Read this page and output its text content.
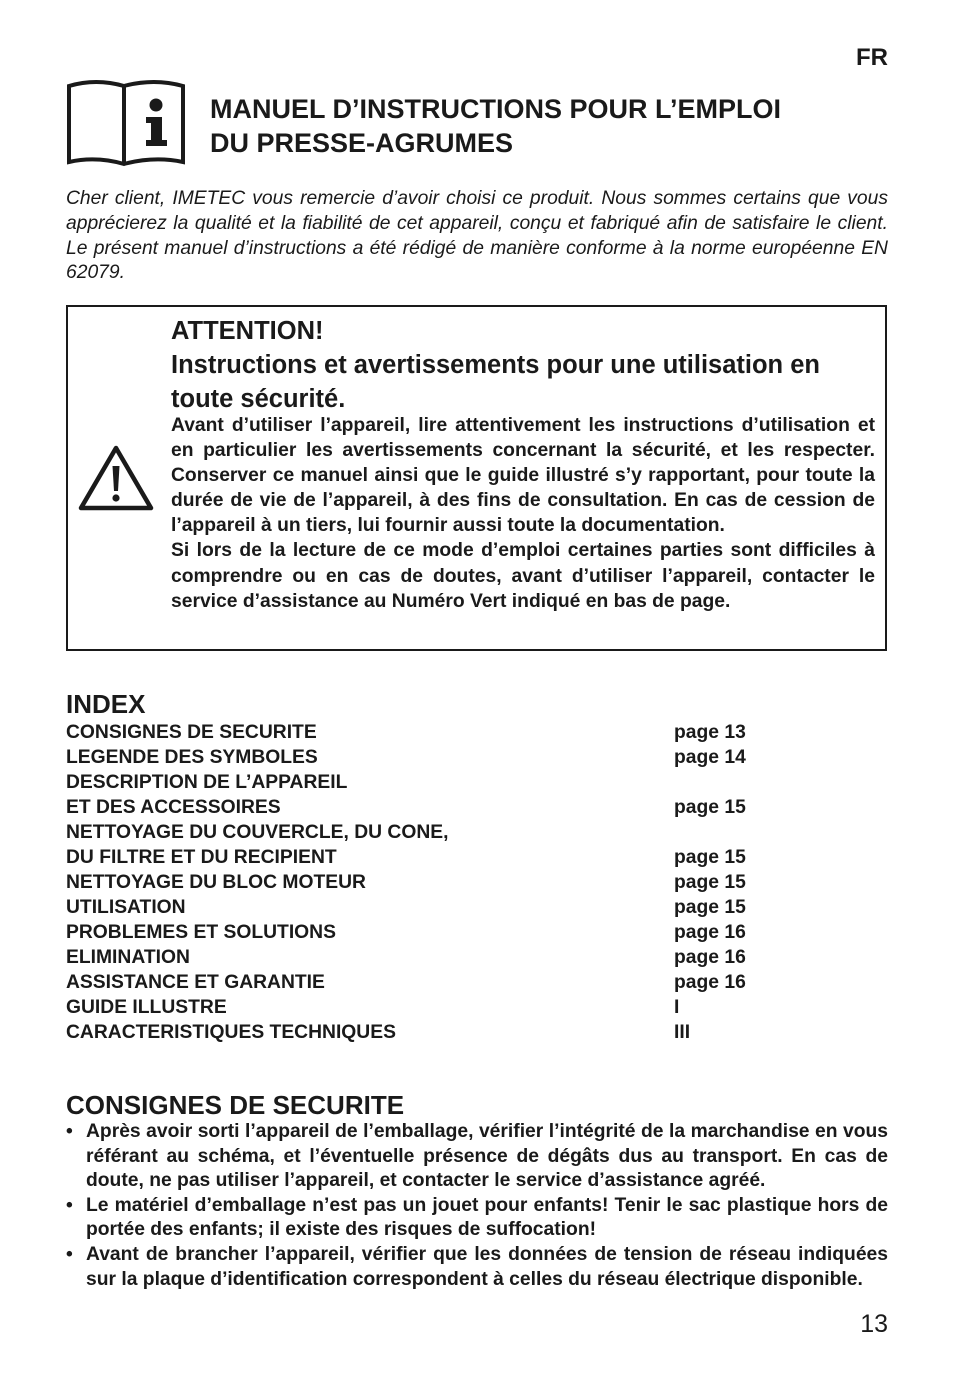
FR
MANUEL D’INSTRUCTIONS POUR L’EMPLOI
DU PRESSE-AGRUMES

Cher client, IMETEC vous remercie d’avoir choisi ce produit. Nous sommes certains que vous apprécierez la qualité et la fiabilité de cet appareil, conçu et fabriqué afin de satisfaire le client. Le présent manuel d’instructions a été rédigé de manière conforme à la norme européenne EN 62079.

ATTENTION!
Instructions et avertissements pour une utilisation en
toute sécurité.

Avant d’utiliser l’appareil, lire attentivement les instructions d’utilisation et en particulier les avertissements concernant la sécurité, et les respecter. Conserver ce manuel ainsi que le guide illustré s’y rapportant, pour toute la durée de vie de l’appareil, à des fins de consultation. En cas de cession de l’appareil à un tiers, lui fournir aussi toute la documentation.

Si lors de la lecture de ce mode d’emploi certaines parties sont difficiles à comprendre ou en cas de doutes, avant d’utiliser l’appareil, contacter le service d’assistance au Numéro Vert indiqué en bas de page.

INDEX
CONSIGNES DE SECURITE	page 13
LEGENDE DES SYMBOLES	page 14
DESCRIPTION DE L’APPAREIL
ET DES ACCESSOIRES	page 15
NETTOYAGE DU COUVERCLE, DU CONE,
DU FILTRE ET DU RECIPIENT	page 15
NETTOYAGE DU BLOC MOTEUR	page 15
UTILISATION	page 15
PROBLEMES ET SOLUTIONS	page 16
ELIMINATION	page 16
ASSISTANCE ET GARANTIE	page 16
GUIDE ILLUSTRE	I
CARACTERISTIQUES TECHNIQUES	III
CONSIGNES DE SECURITE
• Après avoir sorti l’appareil de l’emballage, vérifier l’intégrité de la marchandise en vous référant au schéma, et l’éventuelle présence de dégâts dus au transport. En cas de doute, ne pas utiliser l’appareil, et contacter le service d’assistance agréé.
• Le matériel d’emballage n’est pas un jouet pour enfants! Tenir le sac plastique hors de portée des enfants; il existe des risques de suffocation!
• Avant de brancher l’appareil, vérifier que les données de tension de réseau indiquées sur la plaque d’identification correspondent à celles du réseau électrique disponible.
13
